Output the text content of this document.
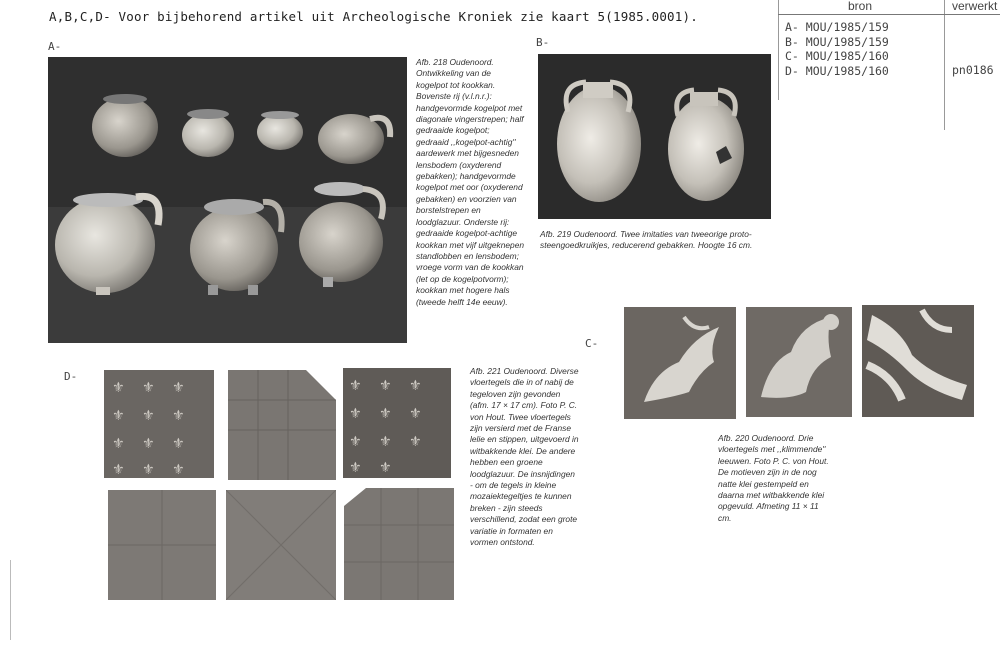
A,B,C,D- Voor bijbehorend artikel uit Archeologische Kroniek zie kaart 5(1985.0001).
bron	verwerkt
A- MOU/1985/159
B- MOU/1985/159
C- MOU/1985/160
D- MOU/1985/160	pn0186
A-	B-
C-
D-
Afb. 218 Oudenoord. Ontwikkeling van de kogelpot tot kookkan. Bovenste rij (v.l.n.r.): handgevormde kogelpot met diagonale vingerstrepen; half gedraaide kogelpot; gedraaid ,,kogelpot-achtig'' aardewerk met bijgesneden lensbodem (oxyderend gebakken); handgevormde kogelpot met oor (oxyderend gebakken) en voorzien van borstelstrepen en loodglazuur. Onderste rij: gedraaide kogelpot-achtige kookkan met vijf uitgeknepen standlobben en lensbodem; vroege vorm van de kookkan (let op de kogelpotvorm); kookkan met hogere hals (tweede helft 14e eeuw).
Afb. 219 Oudenoord. Twee imitaties van tweeorige proto-steengoedkruikjes, reducerend gebakken. Hoogte 16 cm.
Afb. 220 Oudenoord. Drie vloertegels met ,,klimmende'' leeuwen. Foto P. C. von Hout. De motieven zijn in de nog natte klei gestempeld en daarna met witbakkende klei opgevuld. Afmeting 11 × 11 cm.
⚜ ⚜ ⚜
⚜ ⚜ ⚜
⚜ ⚜ ⚜
⚜ ⚜ ⚜
⚜ ⚜ ⚜
⚜ ⚜ ⚜
⚜ ⚜ ⚜
⚜ ⚜
Afb. 221 Oudenoord. Diverse vloertegels die in of nabij de tegeloven zijn gevonden (afm. 17 × 17 cm). Foto P. C. von Hout. Twee vloertegels zijn versierd met de Franse lelie en stippen, uitgevoerd in witbakkende klei. De andere hebben een groene loodglazuur. De insnijdingen - om de tegels in kleine mozaiektegeltjes te kunnen breken - zijn steeds verschillend, zodat een grote variatie in formaten en vormen ontstond.
